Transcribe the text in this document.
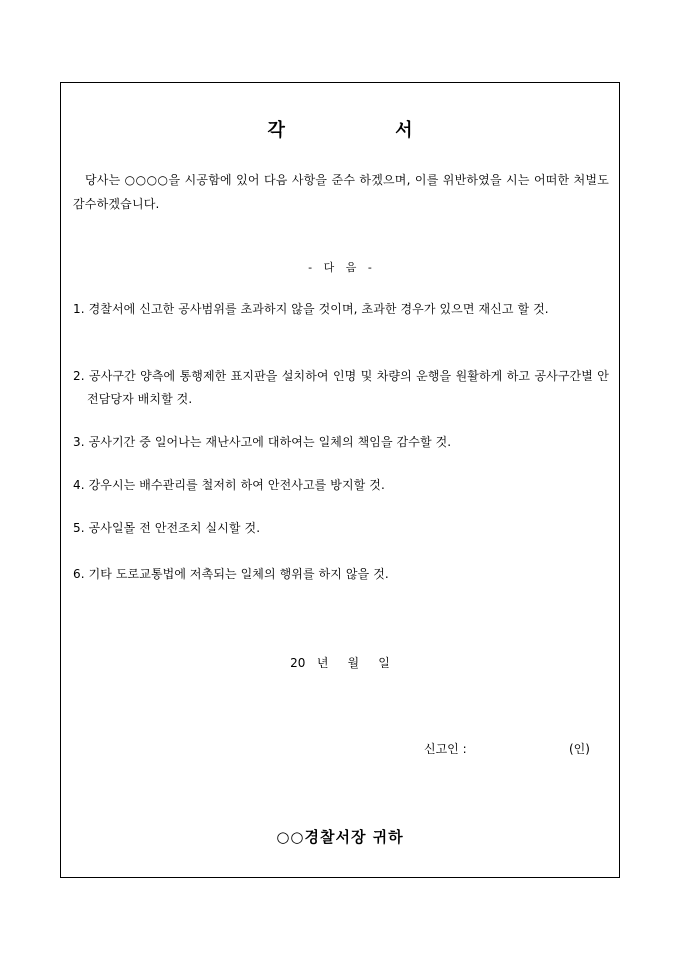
각 서
당사는 ○○○○을 시공함에 있어 다음 사항을 준수 하겠으며, 이를 위반하였을 시는 어떠한 처벌도 감수하겠습니다.
- 다 음 -
1. 경찰서에 신고한 공사범위를 초과하지 않을 것이며, 초과한 경우가 있으면 재신고 할 것.
2. 공사구간 양측에 통행제한 표지판을 설치하여 인명 및 차량의 운행을 원활하게 하고 공사구간별 안전담당자 배치할 것.
3. 공사기간 중 일어나는 재난사고에 대하여는 일체의 책임을 감수할 것.
4. 강우시는 배수관리를 철저히 하여 안전사고를 방지할 것.
5. 공사일몰 전 안전조치 실시할 것.
6. 기타 도로교통법에 저촉되는 일체의 행위를 하지 않을 것.
20   년     월     일
신고인 :	(인)
○○경찰서장 귀하
